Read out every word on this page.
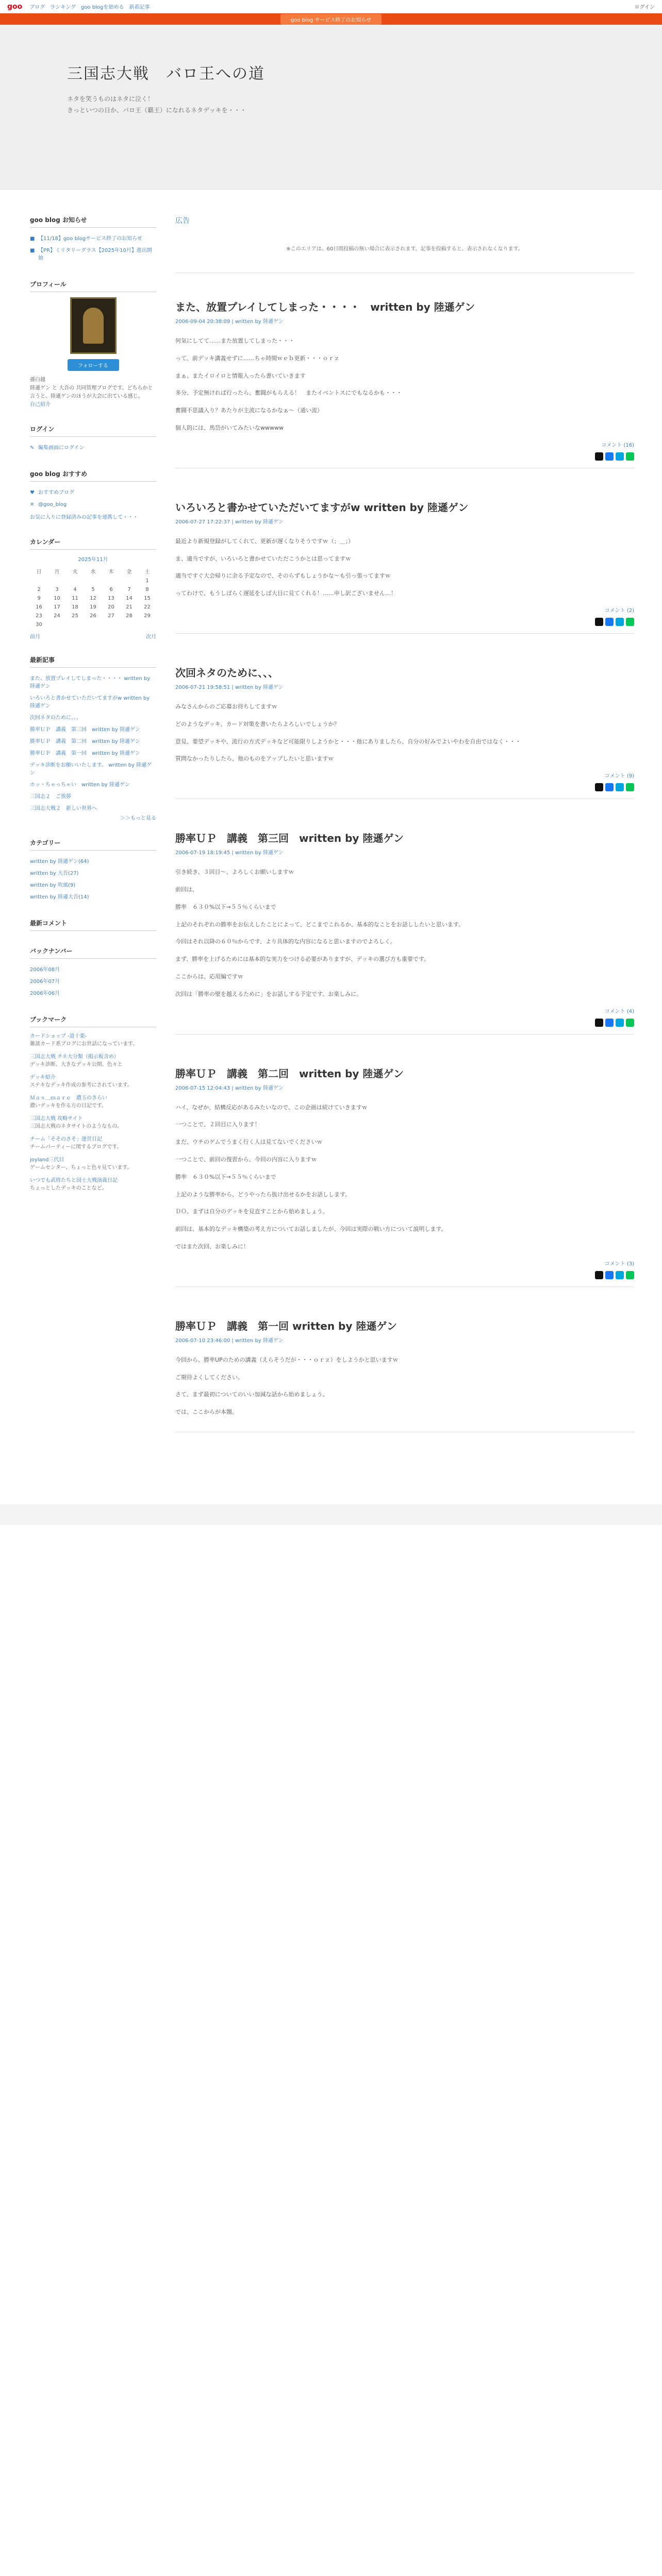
goo ブログ ランキング goo blogを始める 新着記事	ログイン
goo blog サービス終了のお知らせ
三国志大戦　バロ王への道
ネタを笑うものはネタに泣く！
きっといつの日か、バロ王（覇王）になれるネタデッキを・・・
goo blog お知らせ
■ 【11/18】goo blogサービス終了のお知らせ
■ 【PR】ミリタリーグラス【2025年10月】進出開始
プロフィール
フォローする
孫白越
陸遜ゲン と 大吾の 共同管理ブログです。どちらかと言うと、陸遜ゲンのほうが大会に出ている感じ。
自己紹介
ログイン
✎ 編集画面にログイン
goo blog おすすめ
♥ おすすめブログ
✕ @goo_blog
お気に入りに登録済みの記事を連携して・・・
カレンダー
2025年11月
日	月	火	水	木	金	土
						1
2	3	4	5	6	7	8
9	10	11	12	13	14	15
16	17	18	19	20	21	22
23	24	25	26	27	28	29
30						
前月	次月
最新記事
また、放置プレイしてしまった・・・・ written by 陸遜ゲン
いろいろと書かせていただいてますがw written by 陸遜ゲン
次回ネタのために、、、
勝率ＵＰ　講義　第三回　written by 陸遜ゲン
勝率ＵＰ　講義　第二回　written by 陸遜ゲン
勝率ＵＰ　講義　第一回　written by 陸遜ゲン
デッキ診断をお願いいたします。 written by 陸遜ゲン
ホッ・ちゃっちゃい　written by 陸遜ゲン
三国志２　ご挨拶
三国志大戦２　新しい世界へ
＞＞もっと見る
カテゴリー
written by 陸遜ゲン(64)
written by 大吾(27)
written by 吹風(9)
written by 陸遜大吾(14)
最新コメント
バックナンバー
2006年08月
2006年07月
2006年06月
ブックマーク
カードショップ -道十楽-
雑談カード系ブログにお世話になっています。
三国志大戦 チネ大分類（掲示板含め）
デッキ診断、大きなデッキ公開、色々と
デッキ紹介
ステキなデッキ作成の参考にされています。
Ｍａｓ＿ｍａｒｅ　濃玉のきらい
濃いデッキを作る方の日記です。
三国志大戦 攻略サイト
三国志大戦のネタサイトのようなもの。
チーム「そそのさそ」運営日記
チームパーティーに関するブログです。
joyland三代目
ゲームセンター、ちょっと色々見ています。
いつでも武将たちと国士大戦演義日記
ちょっとしたデッキのことなど。
広告
※このエリアは、60日間投稿の無い場合に表示されます。記事を投稿すると、表示されなくなります。
また、放置プレイしてしまった・・・・　written by 陸遜ゲン
2006-09-04 20:38:09 | written by 陸遜ゲン

何気にしてて……また放置してしまった・・・

って、前デッキ講義せずに……ちゃ時間ｗｅｂ更新・・・ｏｒｚ

まぁ、またイロイロと情報入ったら書いていきます

多分、予定無ければ行ったら、奮闘がもらえる！　またイベントスにでもなるかも・・・

奮闘不思議入り？あたりが主流になるかなぁ～（通い流）

個人的には、馬岱がいてみたいなwwwww

コメント (16)
いろいろと書かせていただいてますがw written by 陸遜ゲン
2006-07-27 17:22:37 | written by 陸遜ゲン

最近より新規登録がしてくれて、更新が遅くなりそうですｗ（；＿；）

ま、適当ですが、いろいろと書かせていただこうかとは思ってますｗ

適当ですぐ大会帰りに余る予定なので、そのらずもしょうかな～も引っ張ってますｗ

ってわけで、もうしばらく遅延をしば大目に見てくれる！……申し訳ございません…！

コメント (2)
次回ネタのために、、、
2006-07-21 19:58:51 | written by 陸遜ゲン

みなさんからのご応募お待ちしてますｗ

どのようなデッキ、カード対策を書いたらよろしいでしょうか？

意見、要望デッキや、流行の方式デッキなど可能限りしようかと・・・他にありましたら、自分の好みでよいやわを自由ではなく・・・

質問なかったりしたら、他のものをアップしたいと思いますｗ

コメント (9)
勝率ＵＰ　講義　第三回　written by 陸遜ゲン
2006-07-19 18:19:45 | written by 陸遜ゲン

引き続き、３回目～、よろしくお願いしますｗ

前回は、

勝率　６３０%以下→５５％くらいまで　　　　　　　　　　　　　　　　　　　　　　　　　　　　　　　　　　　　　　　　　　　　　

上記のそれぞれの勝率をお伝えしたことによって、どこまでこれるか、基本的なことをお話ししたいと思います。

今回はそれ以降の６０％からです、より具体的な内容になると思いますのでよろしく。

まず、勝率を上げるためには基本的な実力をつける必要がありますが、デッキの選び方も重要です。

ここからは、応用編ですｗ

次回は「勝率の壁を越えるために」をお話しする予定です。お楽しみに。

コメント (4)
勝率ＵＰ　講義　第二回　written by 陸遜ゲン
2006-07-15 12:04:43 | written by 陸遜ゲン

ハイ、なぜか、結構反応があるみたいなので、この企画は続けていきますｗ

一つことで、２回目に入ります！

まだ、ウチのゲムでうまく行く人は見てないでくださいｗ

一つことで、前回の復習から、今回の内容に入りますｗ

勝率　６３０%以下→５５％くらいまで

上記のような勝率から、どうやったら抜け出せるかをお話しします。

ＤＯ、まずは自分のデッキを見直すことから始めましょう。

前回は、基本的なデッキ構築の考え方についてお話しましたが、今回は実際の戦い方について説明します。

ではまた次回、お楽しみに！

コメント (3)
勝率ＵＰ　講義　第一回 written by 陸遜ゲン
2006-07-10 23:46:00 | written by 陸遜ゲン

今回から、勝率UPのための講義（えらそうだが・・・ｏｒｚ）をしようかと思いますｗ

ご期待よくしてください。

さて、まず最初についてのいい加減な話から始めましょう。

では、ここからが本題。
